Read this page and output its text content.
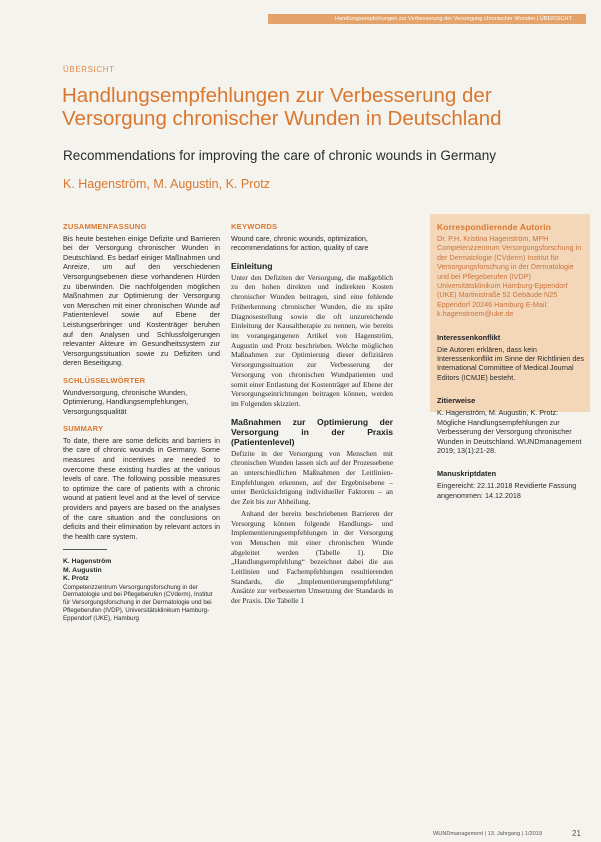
Handlungsempfehlungen zur Verbesserung der Versorgung chronischer Wunden | ÜBERSICHT
ÜBERSICHT
Handlungsempfehlungen zur Verbesserung der Versorgung chronischer Wunden in Deutschland
Recommendations for improving the care of chronic wounds in Germany
K. Hagenström, M. Augustin, K. Protz
ZUSAMMENFASSUNG

Bis heute bestehen einige Defizite und Barrieren bei der Versorgung chronischer Wunden in Deutschland. Es bedarf einiger Maßnahmen und Anreize, um auf den verschiedenen Versorgungsebenen diese vorhandenen Hürden zu überwinden. Die nachfolgenden möglichen Maßnahmen zur Optimierung der Versorgung von Menschen mit einer chronischen Wunde auf Patientenlevel sowie auf Ebene der Leistungserbringer und Kostenträger beruhen auf den Analysen und Schlussfolgerungen relevanter Akteure im Gesundheitssystem zur Versorgungssituation sowie zu Defiziten und deren Beseitigung.

SCHLÜSSELWÖRTER

Wundversorgung, chronische Wunden, Optimierung, Handlungsempfehlungen, Versorgungsqualität

SUMMARY

To date, there are some deficits and barriers in the care of chronic wounds in Germany. Some measures and incentives are needed to overcome these existing hurdles at the various levels of care. The following possible measures to optimize the care of patients with a chronic wound at patient level and at the level of service providers and payers are based on the analyses of the care situation and the conclusions on deficits and their elimination by relevant actors in the health care system.

K. Hagenström
M. Augustin
K. Protz
Competenzzentrum Versorgungsforschung in der Dermatologie und bei Pflegeberufen (CVderm), Institut für Versorgungsforschung in der Dermatologie und bei Pflegeberufen (IVDP), Universitätsklinikum Hamburg-Eppendorf (UKE), Hamburg
KEYWORDS

Wound care, chronic wounds, optimization, recommendations for action, quality of care

Einleitung

Unter den Defiziten der Versorgung, die maßgeblich zu den hohen direkten und indirekten Kosten chronischer Wunden beitragen, sind eine fehlende Früherkennung chronischer Wunden, die zu späte Diagnosestellung sowie die oft unzureichende Einleitung der Kausaltherapie zu nennen, wie bereits im vorangegangenen Artikel von Hagenström, Augustin und Protz beschrieben. Welche möglichen Maßnahmen zur Optimierung dieser defizitären Versorgungssituation zur Verbesserung der Versorgung von chronischen Wundpatienten und somit einer Entlastung der Kostenträger auf Ebene der Versorgungseinrichtungen beitragen können, werden im Folgenden skizziert.

Maßnahmen zur Optimierung der Versorgung in der Praxis (Patientenlevel)

Defizite in der Versorgung von Menschen mit chronischen Wunden lassen sich auf der Prozessebene an unterschiedlichen Maßnahmen der Leitlinien-Empfehlungen erkennen, auf der Ergebnisebene – unter Berücksichtigung individueller Faktoren – an der Zeit bis zur Abheilung.

Anhand der bereits beschriebenen Barrieren der Versorgung können folgende Handlungs- und Implementierungsempfehlungen in der Versorgung von Menschen mit einer chronischen Wunde abgeleitet werden (Tabelle 1). Die „Handlungsempfehlung“ bezeichnet dabei die aus Leitlinien und Fachempfehlungen resultierenden Standards, die „Implementierungsempfehlung“ Ansätze zur verbesserten Umsetzung der Standards in der Praxis. Die Tabelle 1

Korrespondierende Autorin
Dr. P.H. Kristina Hagenström, MPH Competenzzentrum Versorgungsforschung in der Dermatologie (CVderm) Institut für Versorgungsforschung in der Dermatologie und bei Pflegeberufen (IVDP) Universitätsklinikum Hamburg-Eppendorf (UKE) Martinistraße 52 Gebäude N25 Eppendorf 20246 Hamburg E-Mail: k.hagenstroem@uke.de
Interessenkonflikt
Die Autoren erklären, dass kein Interessenkonflikt im Sinne der Richtlinien des International Committee of Medical Journal Editors (ICMJE) besteht.
Zitierweise
K. Hagenström, M. Augustin, K. Protz: Mögliche Handlungsempfehlungen zur Verbesserung der Versorgung chronischer Wunden in Deutschland. WUNDmanagement 2019; 13(1):21-28.
Manuskriptdaten
Eingereicht: 22.11.2018 Revidierte Fassung angenommen: 14.12.2018
WUNDmanagement | 13. Jahrgang | 1/2019	21
